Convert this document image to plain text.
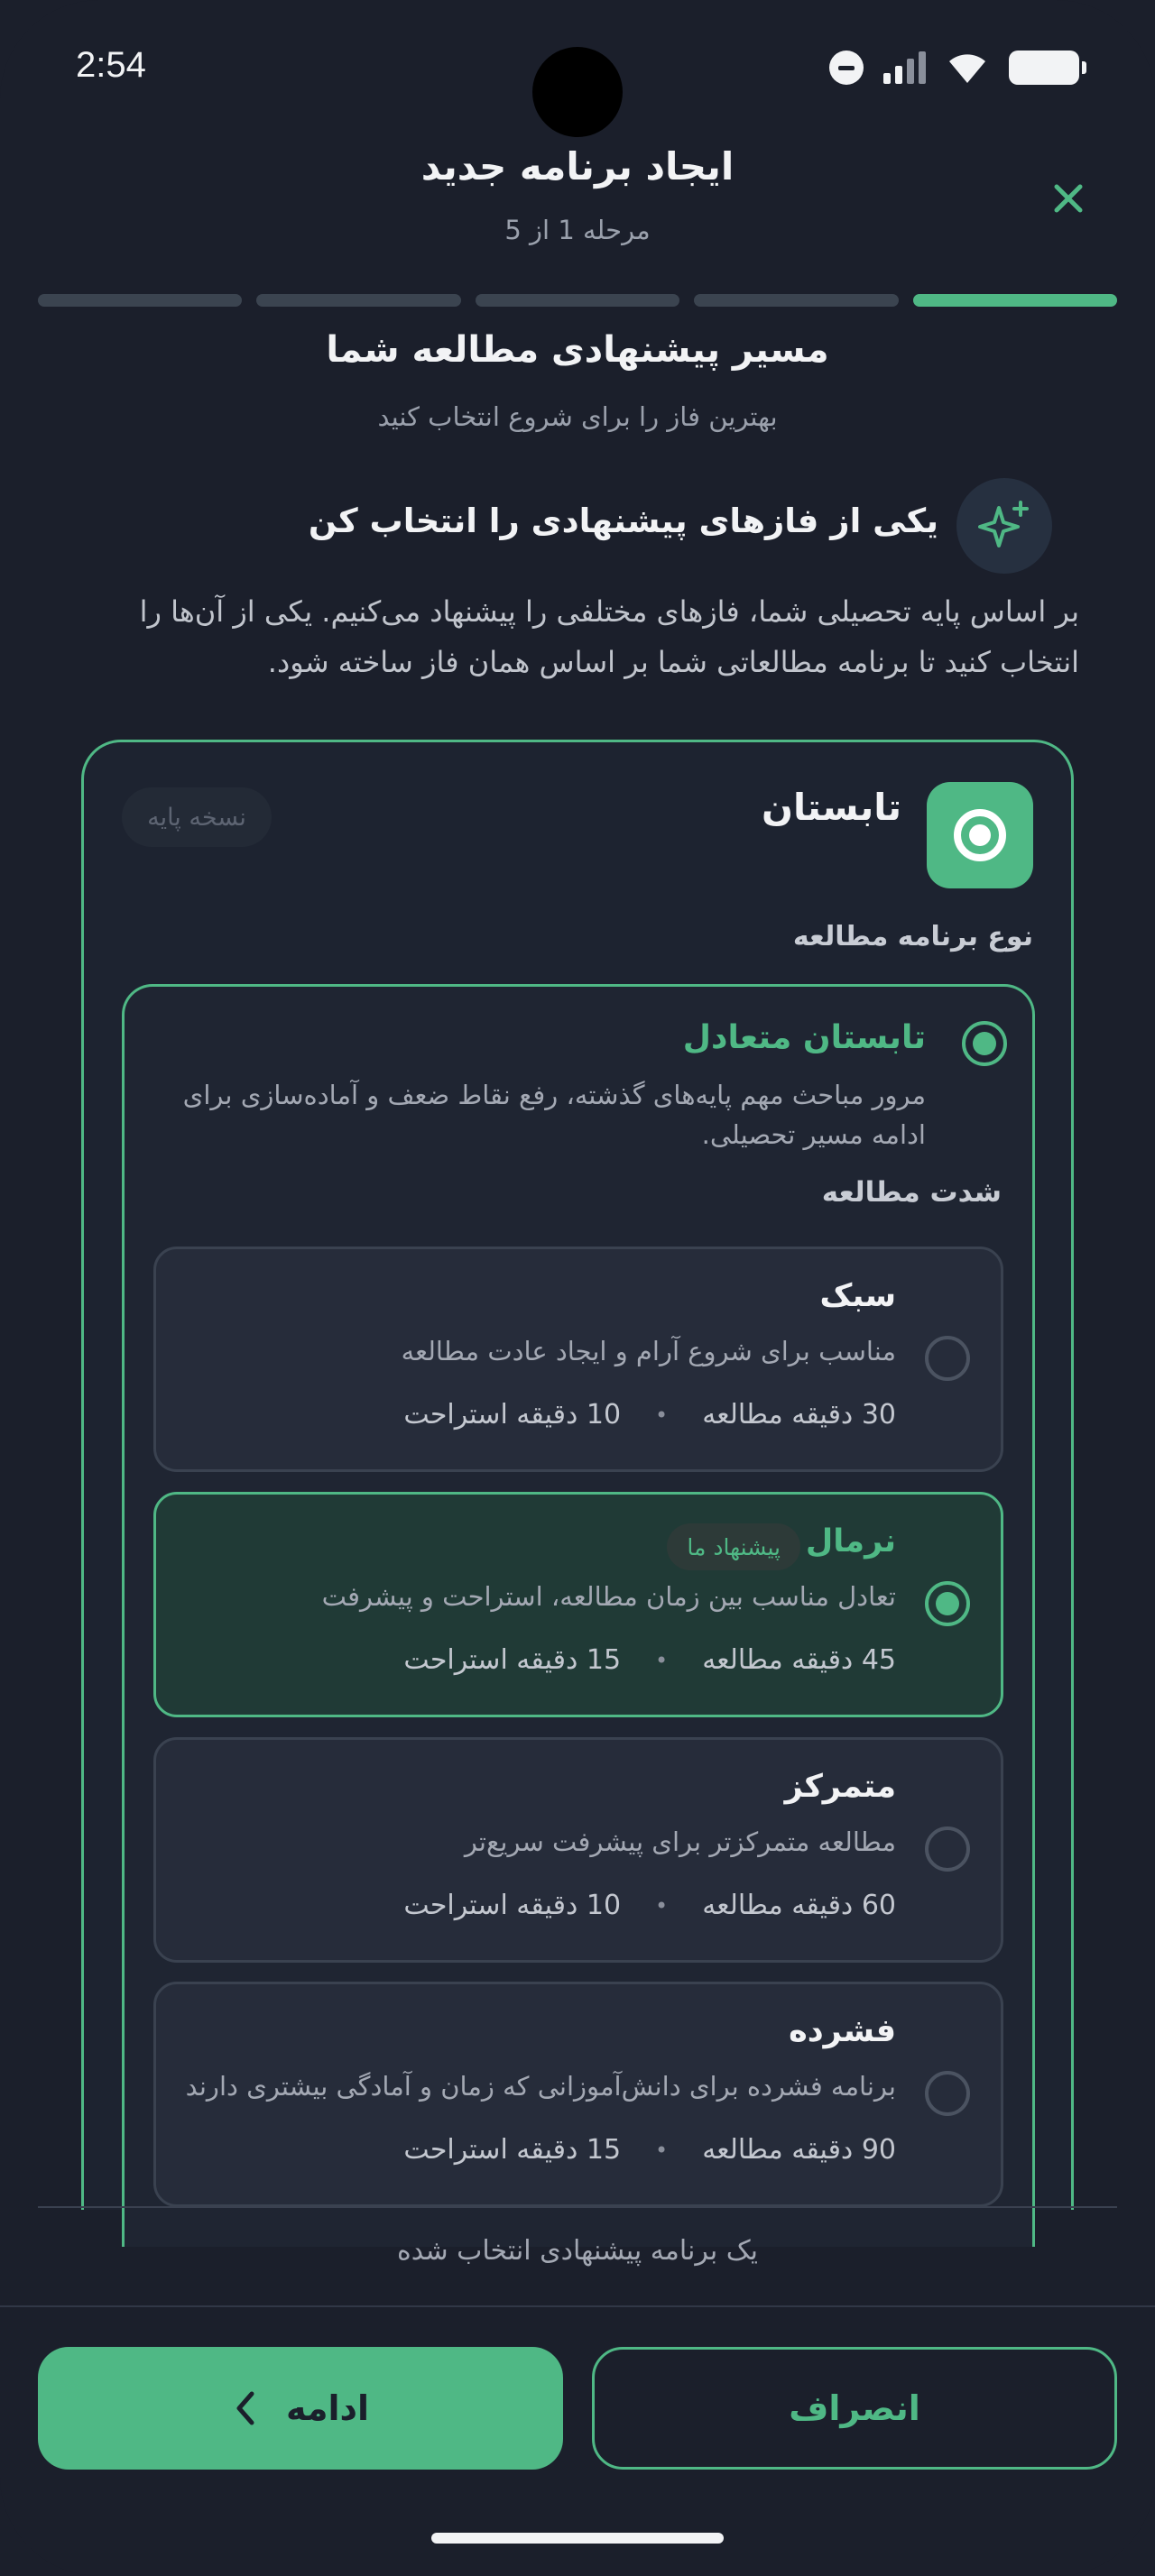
2:54
ایجاد برنامه جدید
مرحله 1 از 5
مسیر پیشنهادی مطالعه شما
بهترین فاز را برای شروع انتخاب کنید
یکی از فازهای پیشنهادی را انتخاب کن
بر اساس پایه تحصیلی شما، فازهای مختلفی را پیشنهاد می‌کنیم. یکی از آن‌ها را انتخاب کنید تا برنامه مطالعاتی شما بر اساس همان فاز ساخته شود.
تابستان
نسخه پایه
نوع برنامه مطالعه
تابستان متعادل
مرور مباحث مهم پایه‌های گذشته، رفع نقاط ضعف و آماده‌سازی برای ادامه مسیر تحصیلی.
شدت مطالعه
سبک
مناسب برای شروع آرام و ایجاد عادت مطالعه
30 دقیقه مطالعه
•
10 دقیقه استراحت
نرمال
پیشنهاد ما
تعادل مناسب بین زمان مطالعه، استراحت و پیشرفت
45 دقیقه مطالعه
•
15 دقیقه استراحت
متمرکز
مطالعه متمرکزتر برای پیشرفت سریع‌تر
60 دقیقه مطالعه
•
10 دقیقه استراحت
فشرده
برنامه فشرده برای دانش‌آموزانی که زمان و آمادگی بیشتری دارند
90 دقیقه مطالعه
•
15 دقیقه استراحت
یک برنامه پیشنهادی انتخاب شده
ادامه	انصراف
